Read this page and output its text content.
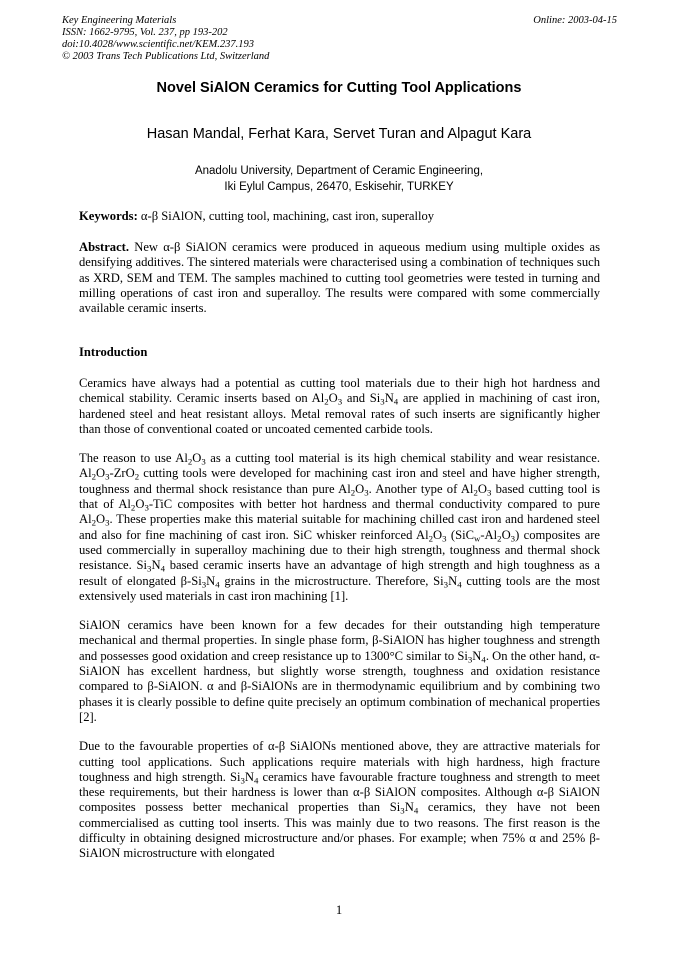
Key Engineering Materials
ISSN: 1662-9795, Vol. 237, pp 193-202
doi:10.4028/www.scientific.net/KEM.237.193
© 2003 Trans Tech Publications Ltd, Switzerland
Online: 2003-04-15
Novel SiAlON Ceramics for Cutting Tool Applications
Hasan Mandal, Ferhat Kara, Servet Turan and Alpagut Kara
Anadolu University, Department of Ceramic Engineering,
Iki Eylul Campus, 26470, Eskisehir, TURKEY
Keywords: α-β SiAlON, cutting tool, machining, cast iron, superalloy
Abstract. New α-β SiAlON ceramics were produced in aqueous medium using multiple oxides as densifying additives. The sintered materials were characterised using a combination of techniques such as XRD, SEM and TEM. The samples machined to cutting tool geometries were tested in turning and milling operations of cast iron and superalloy. The results were compared with some commercially available ceramic inserts.
Introduction

Ceramics have always had a potential as cutting tool materials due to their high hot hardness and chemical stability. Ceramic inserts based on $Al_2O_3$ and $Si_3N_4$ are applied in machining of cast iron, hardened steel and heat resistant alloys. Metal removal rates of such inserts are significantly higher than those of conventional coated or uncoated cemented carbide tools.

The reason to use $Al_2O_3$ as a cutting tool material is its high chemical stability and wear resistance. $Al_2O_3-ZrO_2$ cutting tools were developed for machining cast iron and steel and have higher strength, toughness and thermal shock resistance than pure $Al_2O_3$. Another type of $Al_2O_3$ based cutting tool is that of $Al_2O_3$-TiC composites with better hot hardness and thermal conductivity compared to pure $Al_2O_3$. These properties make this material suitable for machining chilled cast iron and hardened steel and also for fine machining of cast iron. SiC whisker reinforced $Al_2O_3$ $(SiC_w-Al_2O_3)$ composites are used commercially in superalloy machining due to their high strength, toughness and thermal shock resistance. $Si_3N_4$ based ceramic inserts have an advantage of high strength and high toughness as a result of elongated $\beta-Si_3N_4$ grains in the microstructure. Therefore, $Si_3N_4$ cutting tools are the most extensively used materials in cast iron machining [1].

SiAlON ceramics have been known for a few decades for their outstanding high temperature mechanical and thermal properties. In single phase form, β-SiAlON has higher toughness and strength and possesses good oxidation and creep resistance up to 1300°C similar to $Si_3N_4$. On the other hand, α-SiAlON has excellent hardness, but slightly worse strength, toughness and oxidation resistance compared to β-SiAlON. α and β-SiAlONs are in thermodynamic equilibrium and by combining two phases it is clearly possible to define quite precisely an optimum combination of mechanical properties [2].

Due to the favourable properties of α-β SiAlONs mentioned above, they are attractive materials for cutting tool applications. Such applications require materials with high hardness, high fracture toughness and high strength. $Si_3N_4$ ceramics have favourable fracture toughness and strength to meet these requirements, but their hardness is lower than α-β SiAlON composites. Although α-β SiAlON composites possess better mechanical properties than $Si_3N_4$ ceramics, they have not been commercialised as cutting tool inserts. This was mainly due to two reasons. The first reason is the difficulty in obtaining designed microstructure and/or phases. For example; when 75% α and 25% β-SiAlON microstructure with elongated

1
